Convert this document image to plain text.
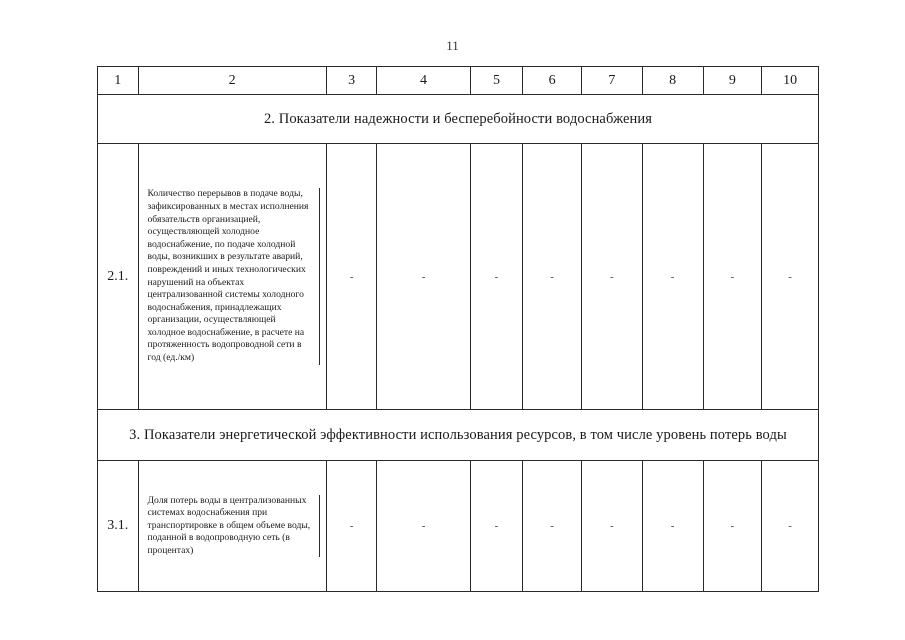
11
1	2	3	4	5	6	7	8	9	10
2. Показатели надежности и бесперебойности водоснабжения									
2.1.	Количество перерывов в подаче воды, зафиксированных в местах исполнения обязательств организацией, осуществляющей холодное водоснабжение, по подаче холодной воды, возникших в результате аварий, повреждений и иных технологических нарушений на объектах централизованной системы холодного водоснабжения, принадлежащих организации, осуществляющей холодное водоснабжение, в расчете на протяженность водопроводной сети в год (ед./км)	-	-	-	-	-	-	-	-
3. Показатели энергетической эффективности использования ресурсов, в том числе уровень потерь воды									
3.1.	Доля потерь воды в централизованных системах водоснабжения при транспортировке в общем объеме воды, поданной в водопроводную сеть (в процентах)	-	-	-	-	-	-	-	-
